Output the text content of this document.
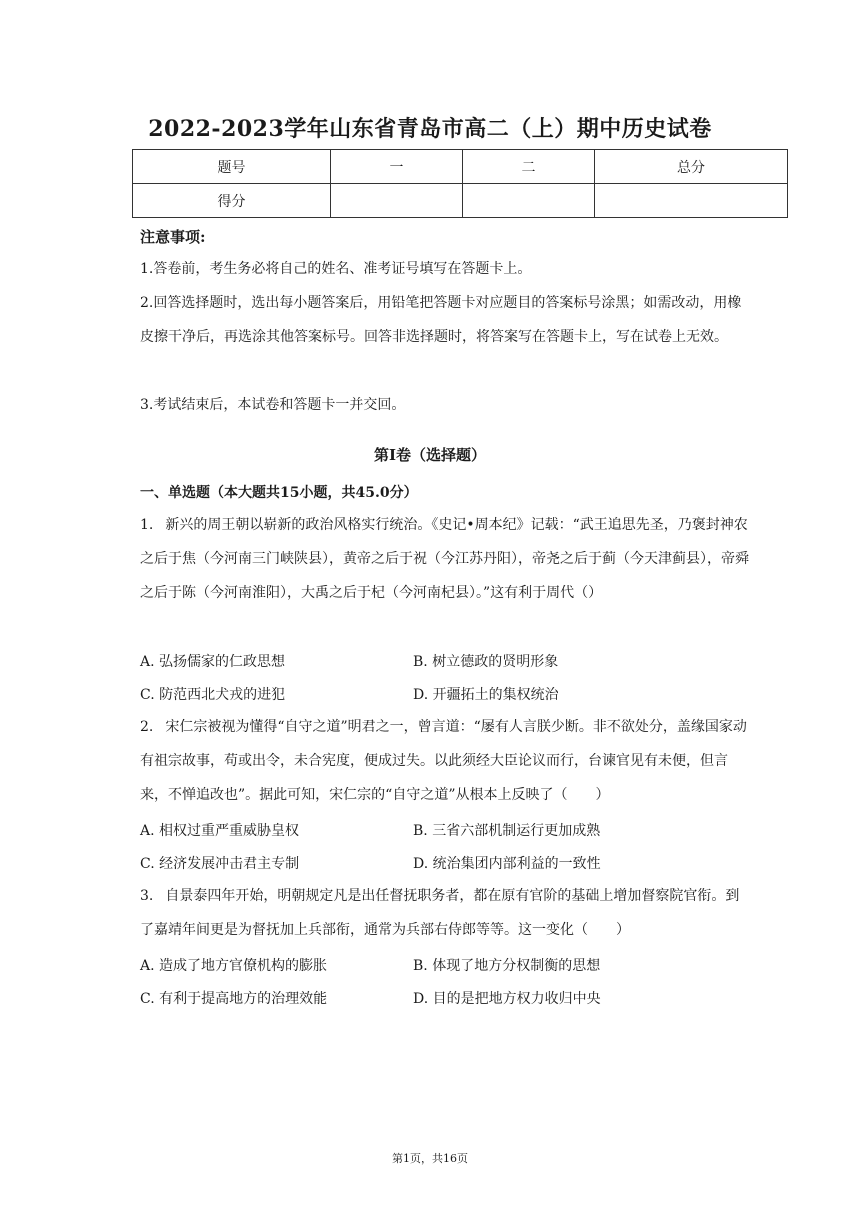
2022-2023学年山东省青岛市高二（上）期中历史试卷
题号	一	二	总分
得分			
注意事项:
1.答卷前，考生务必将自己的姓名、准考证号填写在答题卡上。
2.回答选择题时，选出每小题答案后，用铅笔把答题卡对应题目的答案标号涂黑；如需改动，用橡皮擦干净后，再选涂其他答案标号。回答非选择题时，将答案写在答题卡上，写在试卷上无效。
3.考试结束后，本试卷和答题卡一并交回。
第I卷（选择题）
一、单选题（本大题共15小题，共45.0分）
1. 新兴的周王朝以崭新的政治风格实行统治。《史记•周本纪》记载：“武王追思先圣，乃褒封神农之后于焦（今河南三门峡陕县），黄帝之后于祝（今江苏丹阳），帝尧之后于蓟（今天津蓟县），帝舜之后于陈（今河南淮阳），大禹之后于杞（今河南杞县）。”这有利于周代（）
A. 弘扬儒家的仁政思想	B. 树立德政的贤明形象
C. 防范西北犬戎的进犯	D. 开疆拓土的集权统治
2. 宋仁宗被视为懂得“自守之道”明君之一，曾言道：“屡有人言朕少断。非不欲处分，盖缘国家动有祖宗故事，苟或出令，未合宪度，便成过失。以此须经大臣论议而行，台谏官见有未便，但言来，不惮追改也”。据此可知，宋仁宗的“自守之道”从根本上反映了（　　）
A. 相权过重严重威胁皇权	B. 三省六部机制运行更加成熟
C. 经济发展冲击君主专制	D. 统治集团内部利益的一致性
3. 自景泰四年开始，明朝规定凡是出任督抚职务者，都在原有官阶的基础上增加督察院官衔。到了嘉靖年间更是为督抚加上兵部衔，通常为兵部右侍郎等等。这一变化（　　）
A. 造成了地方官僚机构的膨胀	B. 体现了地方分权制衡的思想
C. 有利于提高地方的治理效能	D. 目的是把地方权力收归中央
第1页，共16页
